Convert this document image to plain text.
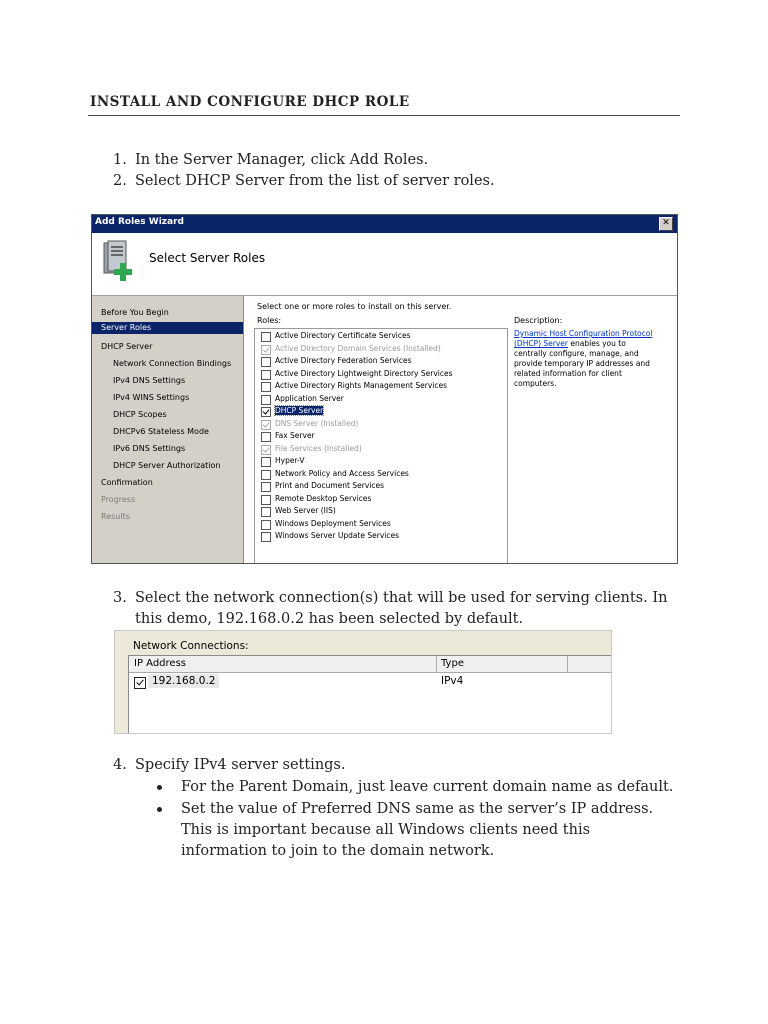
INSTALL AND CONFIGURE DHCP ROLE
1. In the Server Manager, click Add Roles.
2. Select DHCP Server from the list of server roles.
Add Roles Wizard	✕
Select Server Roles
Before You Begin
Server Roles
DHCP Server
Network Connection Bindings
IPv4 DNS Settings
IPv4 WINS Settings
DHCP Scopes
DHCPv6 Stateless Mode
IPv6 DNS Settings
DHCP Server Authorization
Confirmation
Progress
Results
Select one or more roles to install on this server.
Roles:
Active Directory Certificate Services
Active Directory Domain Services (Installed)
Active Directory Federation Services
Active Directory Lightweight Directory Services
Active Directory Rights Management Services
Application Server
DHCP Server
DNS Server (Installed)
Fax Server
File Services (Installed)
Hyper-V
Network Policy and Access Services
Print and Document Services
Remote Desktop Services
Web Server (IIS)
Windows Deployment Services
Windows Server Update Services
Description:
Dynamic Host Configuration Protocol (DHCP) Server enables you to centrally configure, manage, and provide temporary IP addresses and related information for client computers.
3. Select the network connection(s) that will be used for serving clients. In
this demo, 192.168.0.2 has been selected by default.
Network Connections:
IP Address	Type
192.168.0.2	IPv4
4. Specify IPv4 server settings.
For the Parent Domain, just leave current domain name as default.
Set the value of Preferred DNS same as the server’s IP address.
This is important because all Windows clients need this
information to join to the domain network.
